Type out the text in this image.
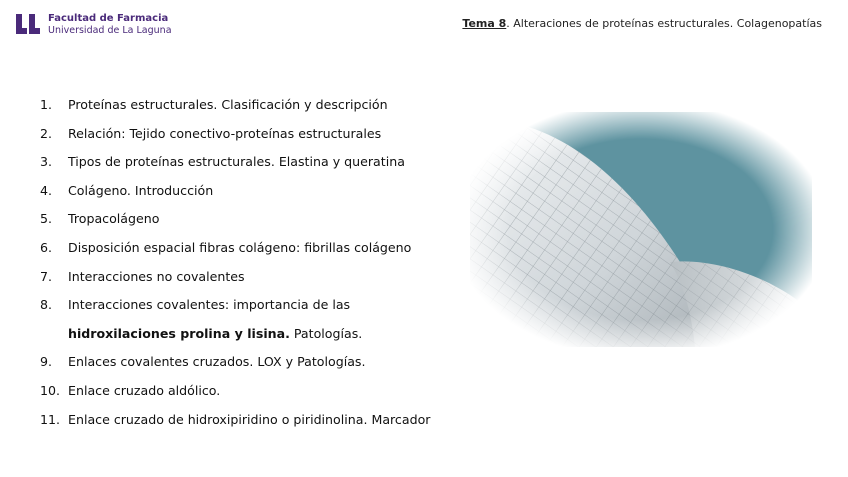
Facultad de Farmacia
Universidad de La Laguna
Tema 8. Alteraciones de proteínas estructurales. Colagenopatías
1.	Proteínas estructurales. Clasificación y descripción
2.	Relación: Tejido conectivo-proteínas estructurales
3.	Tipos de proteínas estructurales. Elastina y queratina
4.	Colágeno. Introducción
5.	Tropacolágeno
6.	Disposición espacial fibras colágeno: fibrillas colágeno
7.	Interacciones no covalentes
8.	Interacciones covalentes: importancia de las
hidroxilaciones prolina y lisina. Patologías.
9.	Enlaces covalentes cruzados. LOX y Patologías.
10. Enlace cruzado aldólico.
11. Enlace cruzado de hidroxipiridino o piridinolina. Marcador
